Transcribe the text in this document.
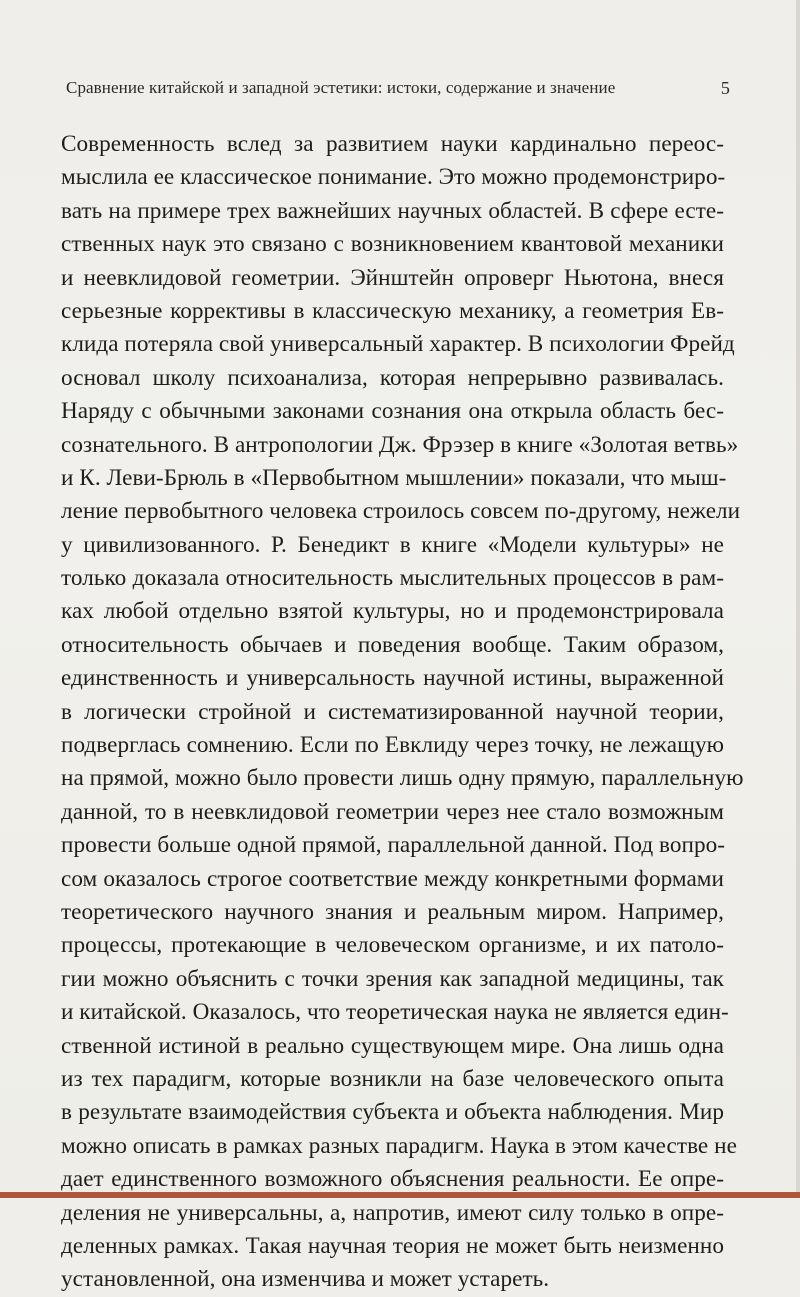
Сравнение китайской и западной эстетики: истоки, содержание и значение	5
Современность вслед за развитием науки кардинально переос-
мыслила ее классическое понимание. Это можно продемонстриро-
вать на примере трех важнейших научных областей. В сфере есте-
ственных наук это связано с возникновением квантовой механики
и неевклидовой геометрии. Эйнштейн опроверг Ньютона, внеся
серьезные коррективы в классическую механику, а геометрия Ев-
клида потеряла свой универсальный характер. В психологии Фрейд
основал школу психоанализа, которая непрерывно развивалась.
Наряду с обычными законами сознания она открыла область бес-
сознательного. В антропологии Дж. Фрэзер в книге «Золотая ветвь»
и К. Леви-Брюль в «Первобытном мышлении» показали, что мыш-
ление первобытного человека строилось совсем по-другому, нежели
у цивилизованного. Р. Бенедикт в книге «Модели культуры» не
только доказала относительность мыслительных процессов в рам-
ках любой отдельно взятой культуры, но и продемонстрировала
относительность обычаев и поведения вообще. Таким образом,
единственность и универсальность научной истины, выраженной
в логически стройной и систематизированной научной теории,
подверглась сомнению. Если по Евклиду через точку, не лежащую
на прямой, можно было провести лишь одну прямую, параллельную
данной, то в неевклидовой геометрии через нее стало возможным
провести больше одной прямой, параллельной данной. Под вопро-
сом оказалось строгое соответствие между конкретными формами
теоретического научного знания и реальным миром. Например,
процессы, протекающие в человеческом организме, и их патоло-
гии можно объяснить с точки зрения как западной медицины, так
и китайской. Оказалось, что теоретическая наука не является един-
ственной истиной в реально существующем мире. Она лишь одна
из тех парадигм, которые возникли на базе человеческого опыта
в результате взаимодействия субъекта и объекта наблюдения. Мир
можно описать в рамках разных парадигм. Наука в этом качестве не
дает единственного возможного объяснения реальности. Ее опре-
деления не универсальны, а, напротив, имеют силу только в опре-
деленных рамках. Такая научная теория не может быть неизменно
установленной, она изменчива и может устареть.
